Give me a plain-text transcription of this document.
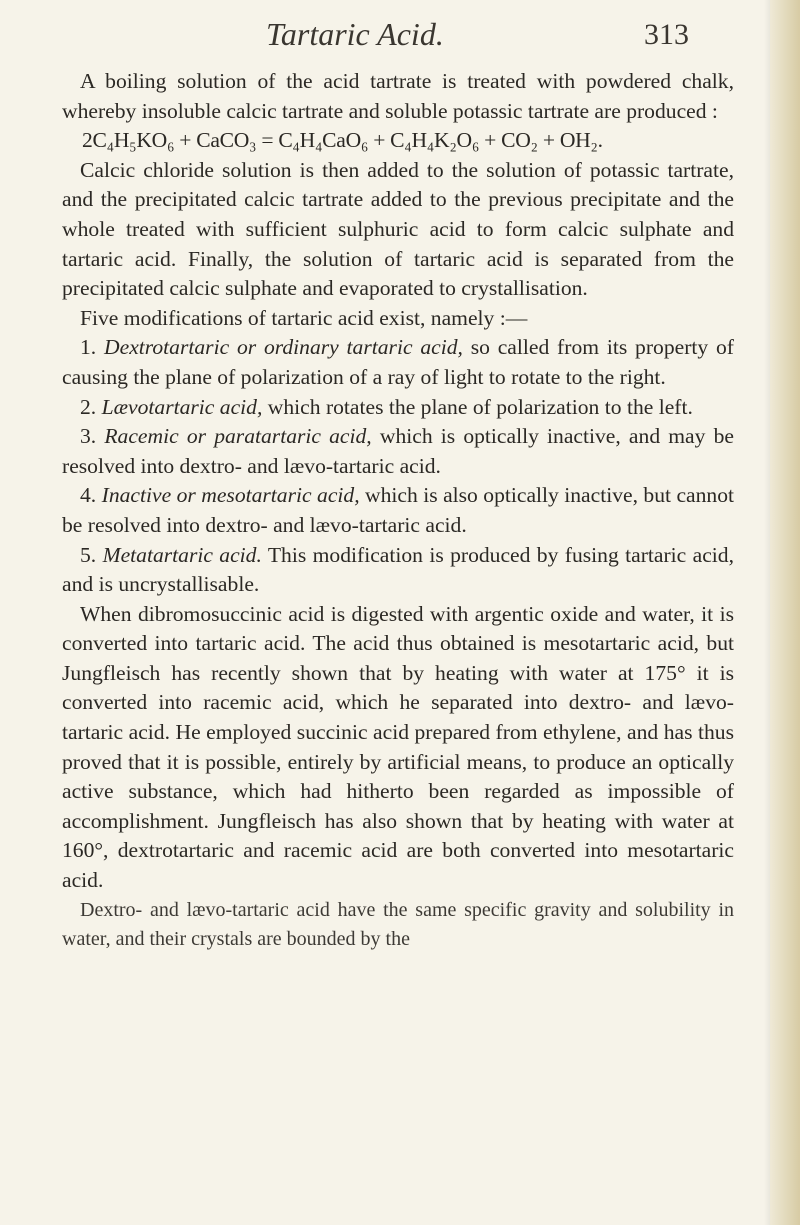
Tartaric Acid.	313

A boiling solution of the acid tartrate is treated with powdered chalk, whereby insoluble calcic tartrate and soluble potassic tartrate are produced :

2C₄H₅KO₆ + CaCO₃ = C₄H₄CaO₆ + C₄H₄K₂O₆ + CO₂ + OH₂.

Calcic chloride solution is then added to the solution of potassic tartrate, and the precipitated calcic tartrate added to the previous precipitate and the whole treated with sufficient sulphuric acid to form calcic sulphate and tartaric acid. Finally, the solution of tartaric acid is separated from the precipitated calcic sulphate and evaporated to crystallisation.

Five modifications of tartaric acid exist, namely :—

1. Dextrotartaric or ordinary tartaric acid, so called from its property of causing the plane of polarization of a ray of light to rotate to the right.

2. Lævotartaric acid, which rotates the plane of polarization to the left.

3. Racemic or paratartaric acid, which is optically inactive, and may be resolved into dextro- and lævo-tartaric acid.

4. Inactive or mesotartaric acid, which is also optically inactive, but cannot be resolved into dextro- and lævo-tartaric acid.

5. Metatartaric acid. This modification is produced by fusing tartaric acid, and is uncrystallisable.

When dibromosuccinic acid is digested with argentic oxide and water, it is converted into tartaric acid. The acid thus obtained is mesotartaric acid, but Jungfleisch has recently shown that by heating with water at 175° it is converted into racemic acid, which he separated into dextro- and lævo-tartaric acid. He employed succinic acid prepared from ethylene, and has thus proved that it is possible, entirely by artificial means, to produce an optically active substance, which had hitherto been regarded as impossible of accomplishment. Jungfleisch has also shown that by heating with water at 160°, dextrotartaric and racemic acid are both converted into mesotartaric acid.

Dextro- and lævo-tartaric acid have the same specific gravity and solubility in water, and their crystals are bounded by the
